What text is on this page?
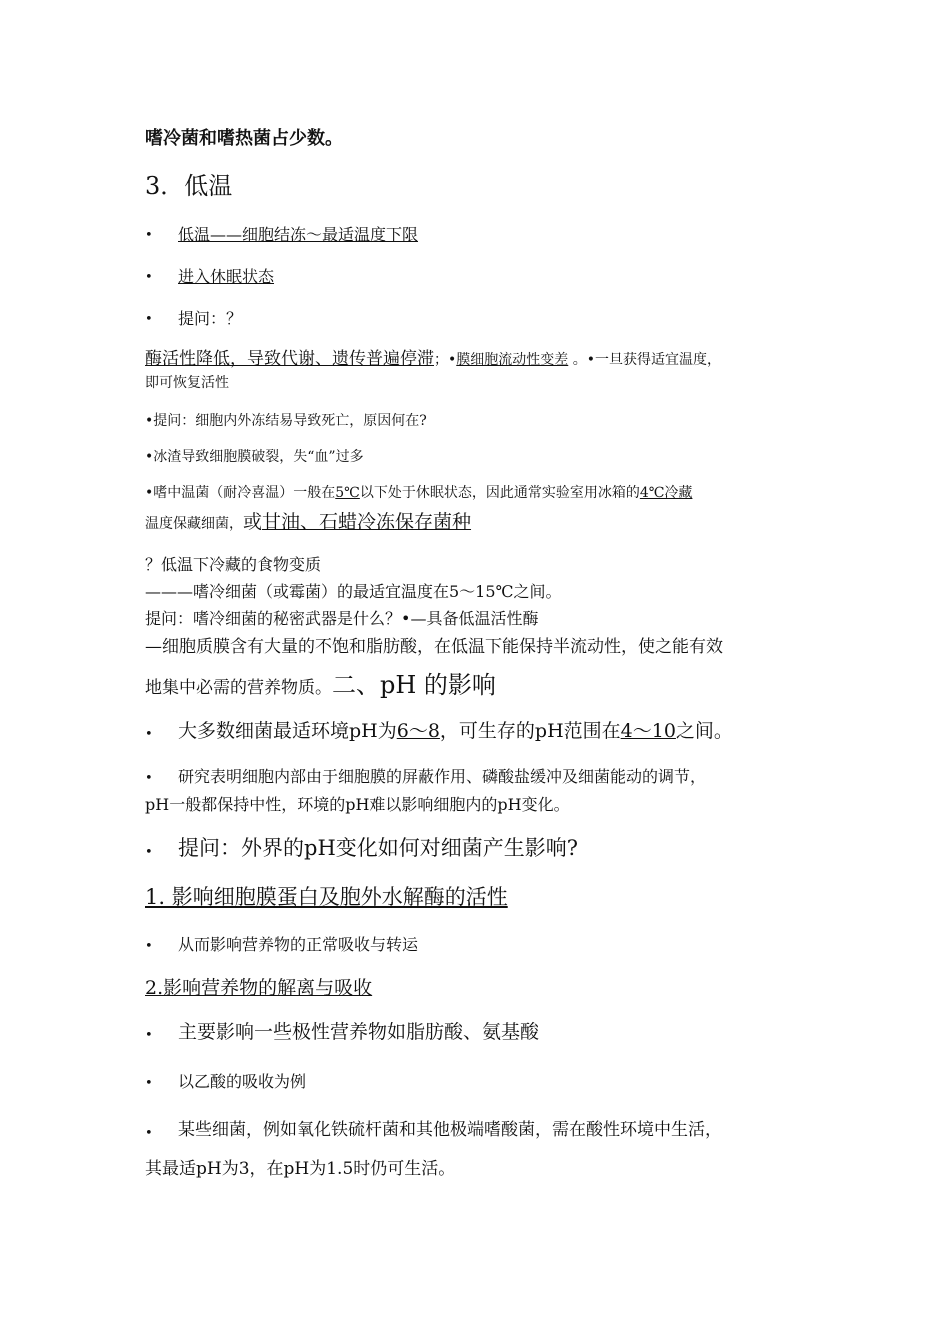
嗜冷菌和嗜热菌占少数。
3．低温
• 低温——细胞结冻～最适温度下限
• 进入休眠状态
• 提问：？
酶活性降低，导致代谢、遗传普遍停滞；•膜细胞流动性变差 。•一旦获得适宜温度，
即可恢复活性
•提问：细胞内外冻结易导致死亡，原因何在?
•冰渣导致细胞膜破裂，失“血”过多
•嗜中温菌（耐冷喜温）一般在5℃以下处于休眠状态，因此通常实验室用冰箱的4℃冷藏
温度保藏细菌，或甘油、石蜡冷冻保存菌种
？低温下冷藏的食物变质
———嗜冷细菌（或霉菌）的最适宜温度在5～15℃之间。
提问：嗜冷细菌的秘密武器是什么？•—具备低温活性酶
—细胞质膜含有大量的不饱和脂肪酸，在低温下能保持半流动性，使之能有效
地集中必需的营养物质。二、pH 的影响
• 大多数细菌最适环境pH为6～8，可生存的pH范围在4～10之间。
• 研究表明细胞内部由于细胞膜的屏蔽作用、磷酸盐缓冲及细菌能动的调节，
pH一般都保持中性，环境的pH难以影响细胞内的pH变化。
• 提问：外界的pH变化如何对细菌产生影响?
1. 影响细胞膜蛋白及胞外水解酶的活性
• 从而影响营养物的正常吸收与转运
2.影响营养物的解离与吸收
• 主要影响一些极性营养物如脂肪酸、氨基酸
• 以乙酸的吸收为例
• 某些细菌，例如氧化铁硫杆菌和其他极端嗜酸菌，需在酸性环境中生活，
其最适pH为3，在pH为1.5时仍可生活。
